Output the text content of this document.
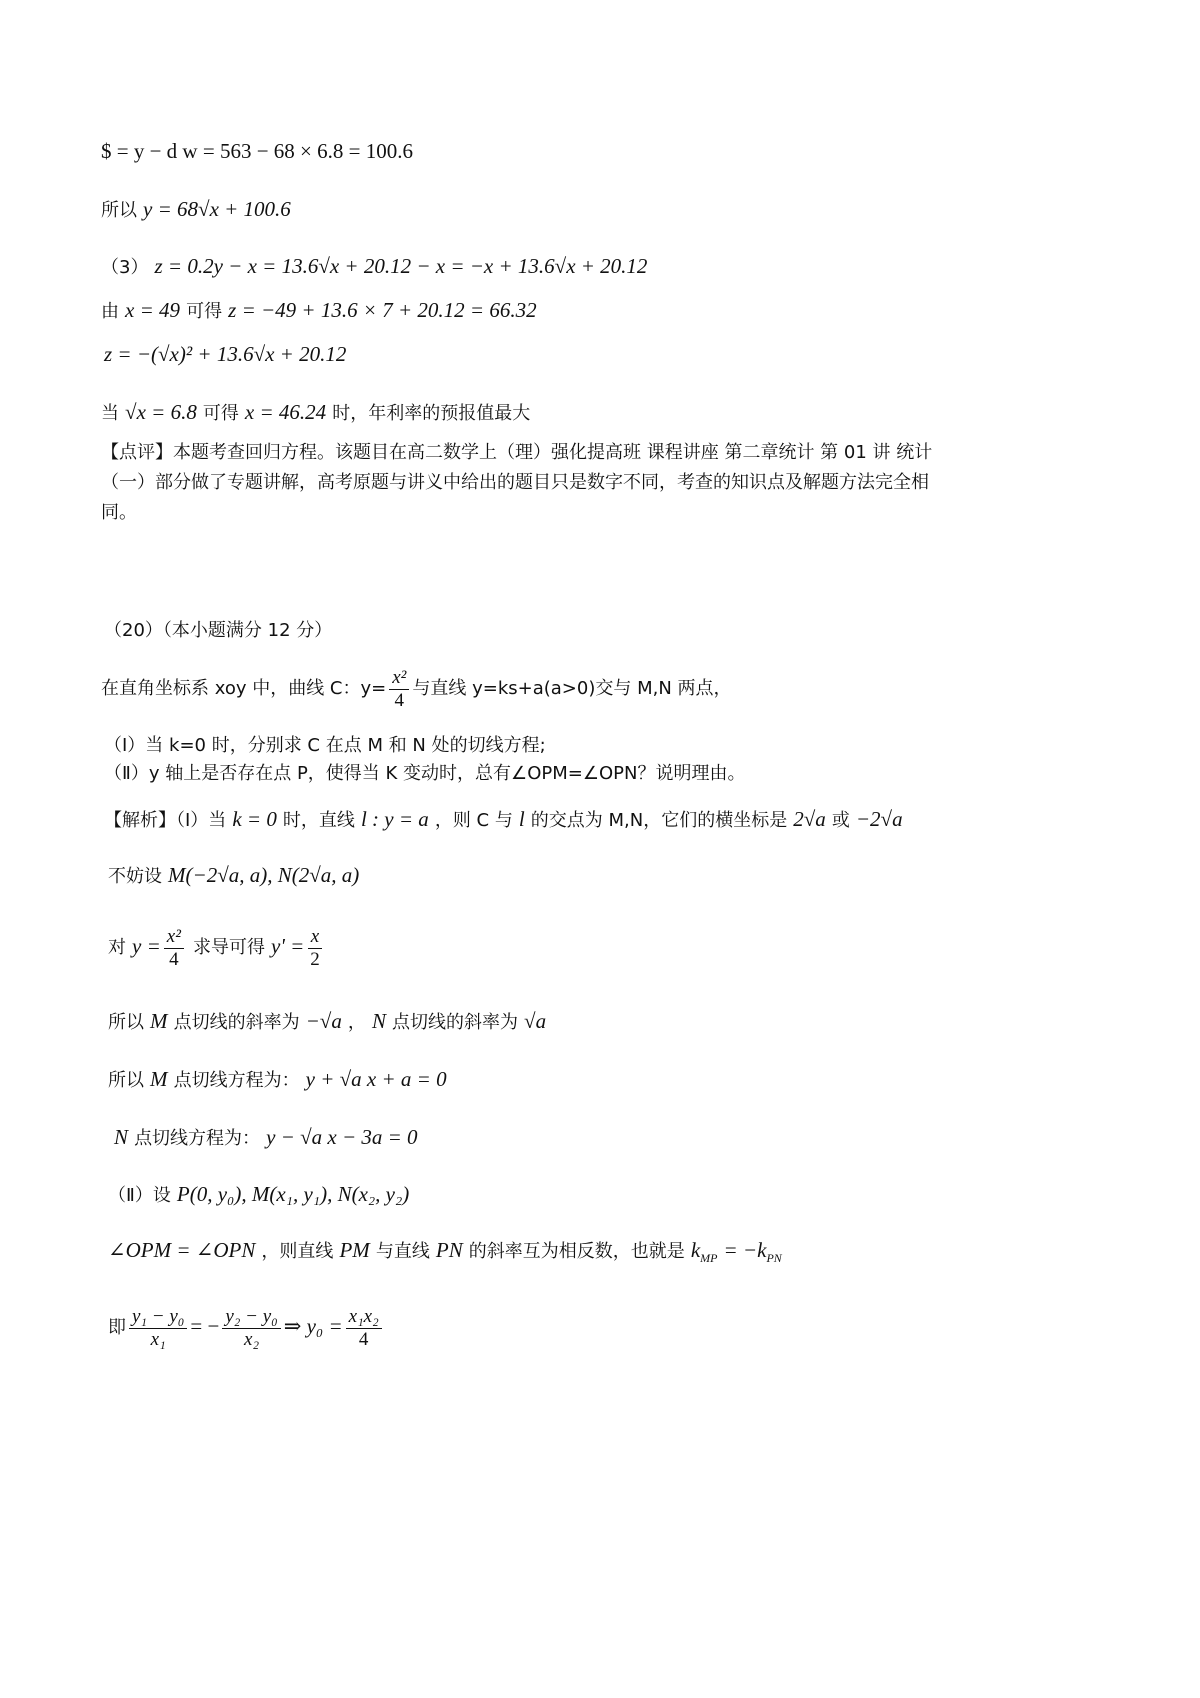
$ = y − d w = 563 − 68 × 6.8 = 100.6
所以 y = 68√x + 100.6
（3） z = 0.2y − x = 13.6√x + 20.12 − x = −x + 13.6√x + 20.12
由 x = 49 可得 z = −49 + 13.6 × 7 + 20.12 = 66.32
z = −(√x)² + 13.6√x + 20.12
当 √x = 6.8 可得 x = 46.24 时，年利率的预报值最大
【点评】本题考查回归方程。该题目在高二数学上（理）强化提高班 课程讲座 第二章统计 第 01 讲 统计
（一）部分做了专题讲解，高考原题与讲义中给出的题目只是数字不同，考查的知识点及解题方法完全相
同。
（20）（本小题满分 12 分）
在直角坐标系 xoy 中，曲线 C：$y= \frac{\text{x²}}{4}$ 与直线 y=ks+a(a>0)交与 M,N 两点，
（Ⅰ）当 k=0 时，分别求 C 在点 M 和 N 处的切线方程;
（Ⅱ）y 轴上是否存在点 P，使得当 K 变动时，总有∠OPM=∠OPN？说明理由。
【解析】（Ⅰ）当 k = 0 时，直线 l : y = a ，则 C 与 l 的交点为 M,N，它们的横坐标是 2√a 或 −2√a
不妨设 M(−2√a, a), N(2√a, a)
对 $y = \frac{\text{x²}}{4}$ 求导可得 $y' = \frac{x}{2}$
所以 M 点切线的斜率为 −√a ， N 点切线的斜率为 √a
所以 M 点切线方程为： y + √a x + a = 0
N 点切线方程为： y − √a x − 3a = 0
（Ⅱ）设 P(0, y₀), M(x₁, y₁), N(x₂, y₂)
∠OPM = ∠OPN ，则直线 PM 与直线 PN 的斜率互为相反数，也就是 $k_{MP} = -k_{PN}$
即 $\frac{\text{y₁ − y₀}}{\text{x₁}}$ = − $\frac{\text{y₂ − y₀}}{\text{x₂}}$ ⇒ $y_0 = \frac{\text{x₁x₂}}{4}$
